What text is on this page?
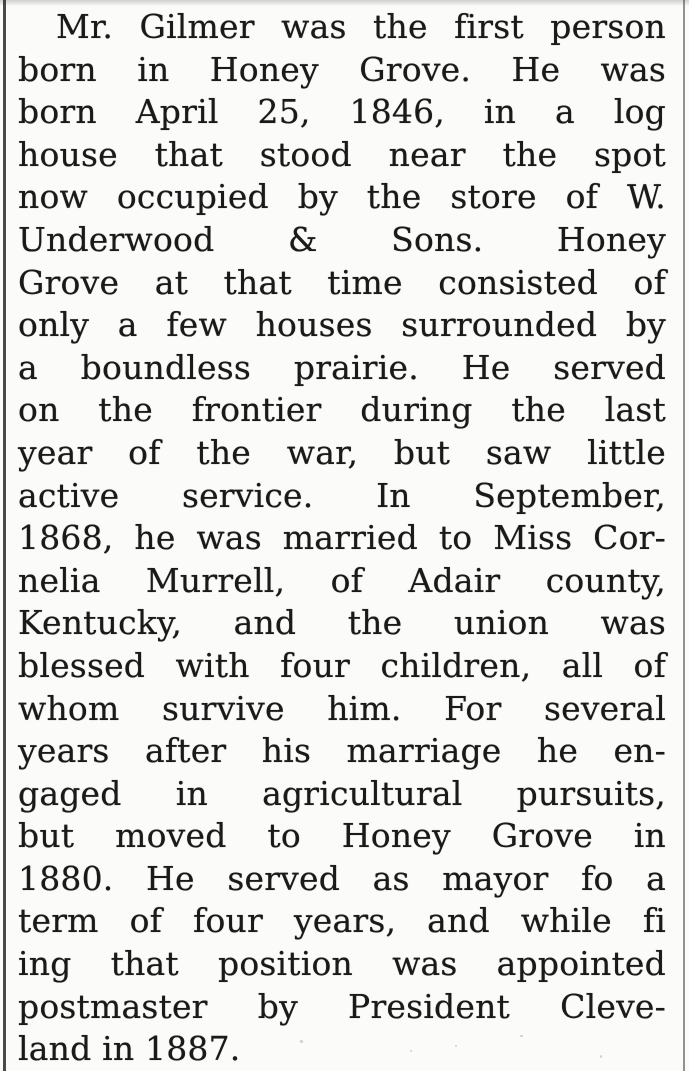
Mr. Gilmer was the first person
born in Honey Grove. He was
born April 25, 1846, in a log
house that stood near the spot
now occupied by the store of W.
Underwood & Sons. Honey
Grove at that time consisted of
only a few houses surrounded by
a boundless prairie. He served
on the frontier during the last
year of the war, but saw little
active service. In September,
1868, he was married to Miss Cor-
nelia Murrell, of Adair county,
Kentucky, and the union was
blessed with four children, all of
whom survive him. For several
years after his marriage he en-
gaged in agricultural pursuits,
but moved to Honey Grove in
1880. He served as mayor fo a
term of four years, and while fi
ing that position was appointed
postmaster by President Cleve-
land in 1887.
